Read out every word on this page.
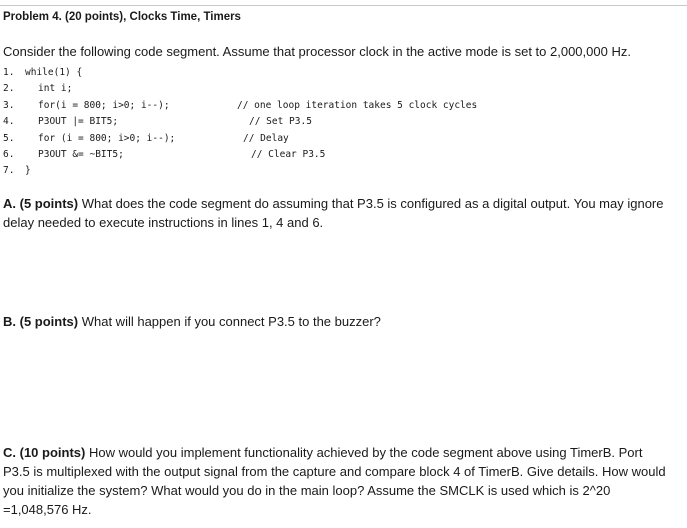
Problem 4. (20 points), Clocks Time, Timers
Consider the following code segment. Assume that processor clock in the active mode is set to 2,000,000 Hz.
1. while(1) {
2. int i;
3. for(i = 800; i>0; i--);	// one loop iteration takes 5 clock cycles
4. P3OUT |= BIT5;	// Set P3.5
5. for (i = 800; i>0; i--);	// Delay
6. P3OUT &= ~BIT5;	// Clear P3.5
7. }
A. (5 points) What does the code segment do assuming that P3.5 is configured as a digital output. You may ignore delay needed to execute instructions in lines 1, 4 and 6.
B. (5 points) What will happen if you connect P3.5 to the buzzer?
C. (10 points) How would you implement functionality achieved by the code segment above using TimerB. Port P3.5 is multiplexed with the output signal from the capture and compare block 4 of TimerB. Give details. How would you initialize the system? What would you do in the main loop? Assume the SMCLK is used which is 2^20 =1,048,576 Hz.
